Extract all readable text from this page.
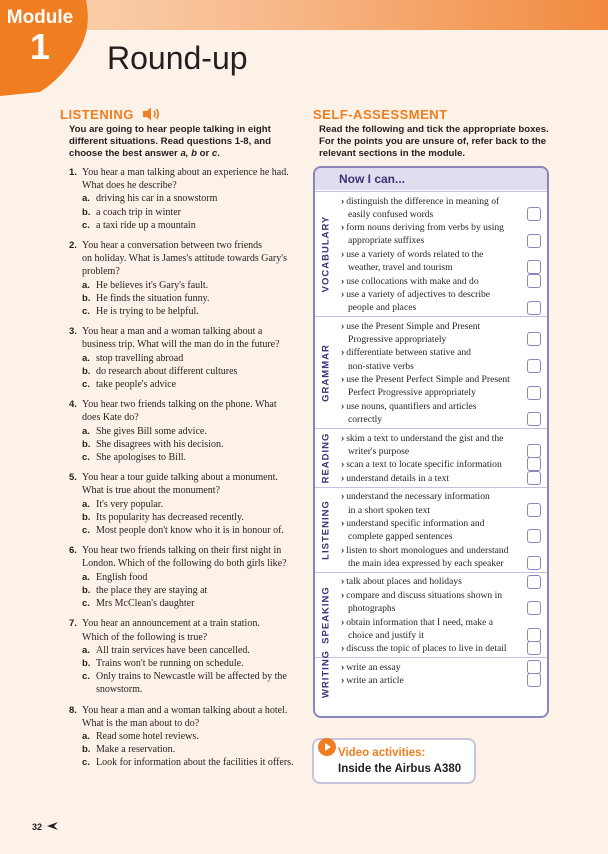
Module
1	Round-up
LISTENING
You are going to hear people talking in eight
different situations. Read questions 1-8, and
choose the best answer a, b or c.
1. You hear a man talking about an experience he had.
What does he describe?
a. driving his car in a snowstorm
b. a coach trip in winter
c. a taxi ride up a mountain
2. You hear a conversation between two friends
on holiday. What is James's attitude towards Gary's
problem?
a. He believes it's Gary's fault.
b. He finds the situation funny.
c. He is trying to be helpful.
3. You hear a man and a woman talking about a
business trip. What will the man do in the future?
a. stop travelling abroad
b. do research about different cultures
c. take people's advice
4. You hear two friends talking on the phone. What
does Kate do?
a. She gives Bill some advice.
b. She disagrees with his decision.
c. She apologises to Bill.
5. You hear a tour guide talking about a monument.
What is true about the monument?
a. It's very popular.
b. Its popularity has decreased recently.
c. Most people don't know who it is in honour of.
6. You hear two friends talking on their first night in
London. Which of the following do both girls like?
a. English food
b. the place they are staying at
c. Mrs McClean's daughter
7. You hear an announcement at a train station.
Which of the following is true?
a. All train services have been cancelled.
b. Trains won't be running on schedule.
c. Only trains to Newcastle will be affected by the
snowstorm.
8. You hear a man and a woman talking about a hotel.
What is the man about to do?
a. Read some hotel reviews.
b. Make a reservation.
c. Look for information about the facilities it offers.
SELF-ASSESSMENT
Read the following and tick the appropriate boxes.
For the points you are unsure of, refer back to the
relevant sections in the module.
Now I can...
VOCABULARY
› distinguish the difference in meaning of
easily confused words
› form nouns deriving from verbs by using
appropriate suffixes
› use a variety of words related to the
weather, travel and tourism
› use collocations with make and do
› use a variety of adjectives to describe
people and places
GRAMMAR
› use the Present Simple and Present
Progressive appropriately
› differentiate between stative and
non-stative verbs
› use the Present Perfect Simple and Present
Perfect Progressive appropriately
› use nouns, quantifiers and articles
correctly
READING › skim a text to understand the gist and the
writer's purpose
› scan a text to locate specific information
› understand details in a text
LISTENING
› understand the necessary information
in a short spoken text
› understand specific information and
complete gapped sentences
› listen to short monologues and understand
the main idea expressed by each speaker
SPEAKING
› talk about places and holidays
› compare and discuss situations shown in
photographs
› obtain information that I need, make a
choice and justify it
› discuss the topic of places to live in detail
WRITING › write an essay
› write an article
Video activities:
Inside the Airbus A380
32
